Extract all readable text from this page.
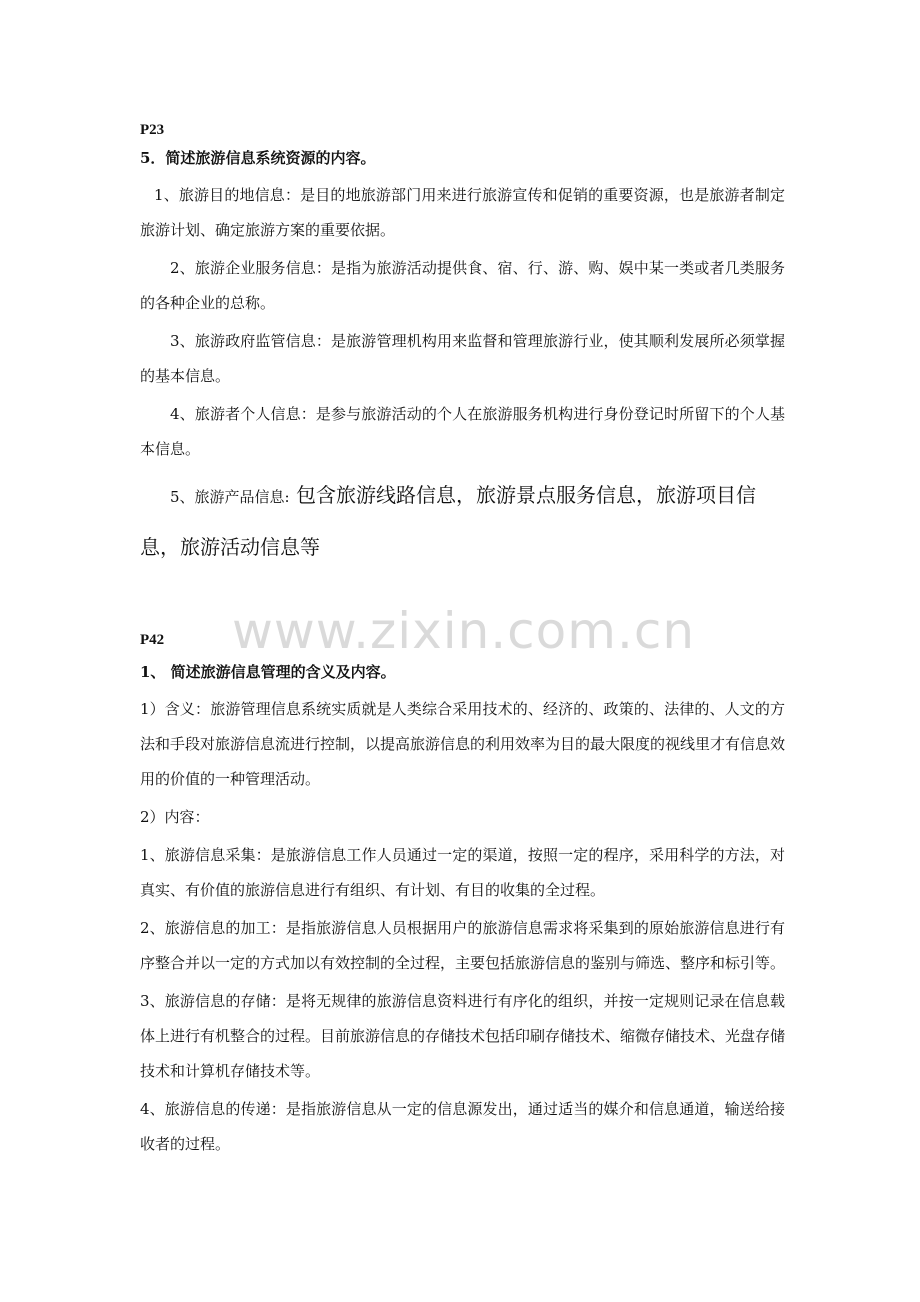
www.zixin.com.cn

P23

5．简述旅游信息系统资源的内容。

1、旅游目的地信息：是目的地旅游部门用来进行旅游宣传和促销的重要资源，也是旅游者制定旅游计划、确定旅游方案的重要依据。

2、旅游企业服务信息：是指为旅游活动提供食、宿、行、游、购、娱中某一类或者几类服务的各种企业的总称。

3、旅游政府监管信息：是旅游管理机构用来监督和管理旅游行业，使其顺利发展所必须掌握的基本信息。

4、旅游者个人信息：是参与旅游活动的个人在旅游服务机构进行身份登记时所留下的个人基本信息。

5、旅游产品信息: 包含旅游线路信息，旅游景点服务信息，旅游项目信息，旅游活动信息等

P42

1、 简述旅游信息管理的含义及内容。

1）含义：旅游管理信息系统实质就是人类综合采用技术的、经济的、政策的、法律的、人文的方法和手段对旅游信息流进行控制，以提高旅游信息的利用效率为目的最大限度的视线里才有信息效用的价值的一种管理活动。

2）内容：

1、旅游信息采集：是旅游信息工作人员通过一定的渠道，按照一定的程序，采用科学的方法，对真实、有价值的旅游信息进行有组织、有计划、有目的收集的全过程。

2、旅游信息的加工：是指旅游信息人员根据用户的旅游信息需求将采集到的原始旅游信息进行有序整合并以一定的方式加以有效控制的全过程，主要包括旅游信息的鉴别与筛选、整序和标引等。

3、旅游信息的存储：是将无规律的旅游信息资料进行有序化的组织，并按一定规则记录在信息载体上进行有机整合的过程。目前旅游信息的存储技术包括印刷存储技术、缩微存储技术、光盘存储技术和计算机存储技术等。

4、旅游信息的传递：是指旅游信息从一定的信息源发出，通过适当的媒介和信息通道，输送给接收者的过程。
